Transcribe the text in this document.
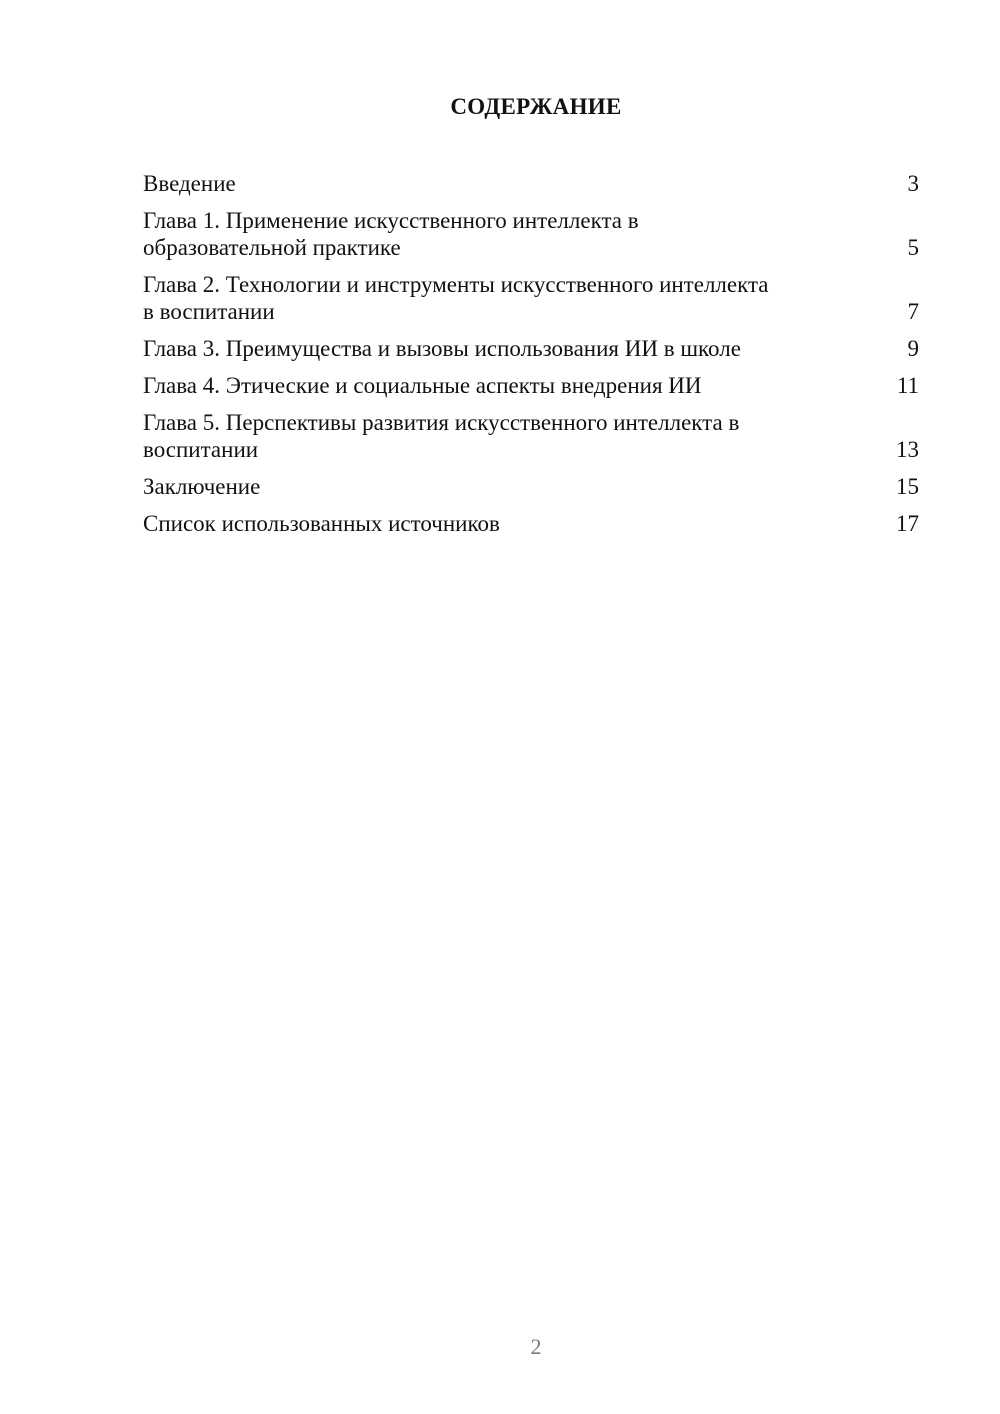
СОДЕРЖАНИЕ
Введение	3
Глава 1. Применение искусственного интеллекта в
образовательной практике	5
Глава 2. Технологии и инструменты искусственного интеллекта
в воспитании	7
Глава 3. Преимущества и вызовы использования ИИ в школе	9
Глава 4. Этические и социальные аспекты внедрения ИИ	11
Глава 5. Перспективы развития искусственного интеллекта в
воспитании	13
Заключение	15
Список использованных источников	17
2
